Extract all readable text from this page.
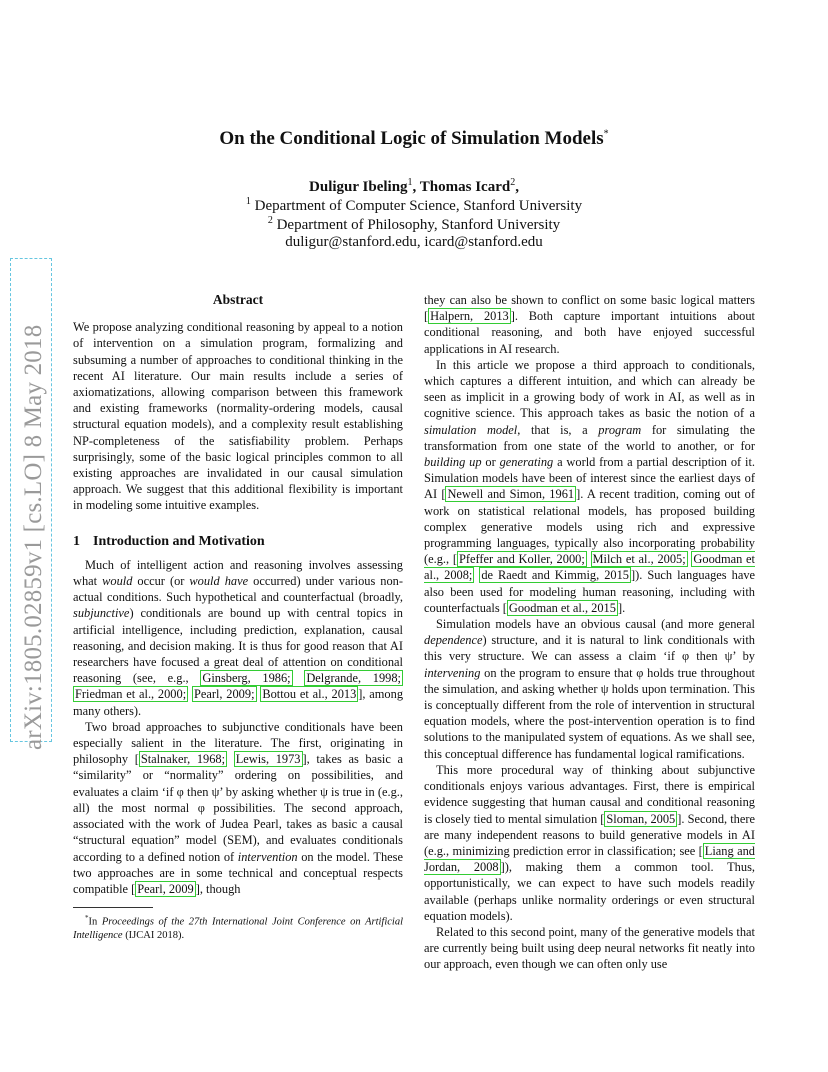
arXiv:1805.02859v1 [cs.LO] 8 May 2018
On the Conditional Logic of Simulation Models*
Duligur Ibeling$^1$, Thomas Icard$^2$,
$^1$ Department of Computer Science, Stanford University
$^2$ Department of Philosophy, Stanford University
duligur@stanford.edu, icard@stanford.edu
Abstract

We propose analyzing conditional reasoning by appeal to a notion of intervention on a simulation program, formalizing and subsuming a number of approaches to conditional thinking in the recent AI literature. Our main results include a series of axiomatizations, allowing comparison between this framework and existing frameworks (normality-ordering models, causal structural equation models), and a complexity result establishing NP-completeness of the satisfiability problem. Perhaps surprisingly, some of the basic logical principles common to all existing approaches are invalidated in our causal simulation approach. We suggest that this additional flexibility is important in modeling some intuitive examples.

1 Introduction and Motivation

Much of intelligent action and reasoning involves assessing what would occur (or would have occurred) under various non-actual conditions. Such hypothetical and counterfactual (broadly, subjunctive) conditionals are bound up with central topics in artificial intelligence, including prediction, explanation, causal reasoning, and decision making. It is thus for good reason that AI researchers have focused a great deal of attention on conditional reasoning (see, e.g., Ginsberg, 1986; Delgrande, 1998; Friedman et al., 2000; Pearl, 2009; Bottou et al., 2013 ], among many others).

Two broad approaches to subjunctive conditionals have been especially salient in the literature. The first, originating in philosophy [ Stalnaker, 1968; Lewis, 1973 ], takes as basic a “similarity” or “normality” ordering on possibilities, and evaluates a claim ‘if φ then ψ’ by asking whether ψ is true in (e.g., all) the most normal φ possibilities. The second approach, associated with the work of Judea Pearl, takes as basic a causal “structural equation” model (SEM), and evaluates conditionals according to a defined notion of intervention on the model. These two approaches are in some technical and conceptual respects compatible [ Pearl, 2009 ], though

*In Proceedings of the 27th International Joint Conference on Artificial Intelligence (IJCAI 2018).

they can also be shown to conflict on some basic logical matters [ Halpern, 2013 ]. Both capture important intuitions about conditional reasoning, and both have enjoyed successful applications in AI research.

In this article we propose a third approach to conditionals, which captures a different intuition, and which can already be seen as implicit in a growing body of work in AI, as well as in cognitive science. This approach takes as basic the notion of a simulation model, that is, a program for simulating the transformation from one state of the world to another, or for building up or generating a world from a partial description of it. Simulation models have been of interest since the earliest days of AI [ Newell and Simon, 1961 ]. A recent tradition, coming out of work on statistical relational models, has proposed building complex generative models using rich and expressive programming languages, typically also incorporating probability (e.g., [ Pfeffer and Koller, 2000; Milch et al., 2005; Goodman et al., 2008; de Raedt and Kimmig, 2015 ]). Such languages have also been used for modeling human reasoning, including with counterfactuals [ Goodman et al., 2015 ].

Simulation models have an obvious causal (and more general dependence) structure, and it is natural to link conditionals with this very structure. We can assess a claim ‘if φ then ψ’ by intervening on the program to ensure that φ holds true throughout the simulation, and asking whether ψ holds upon termination. This is conceptually different from the role of intervention in structural equation models, where the post-intervention operation is to find solutions to the manipulated system of equations. As we shall see, this conceptual difference has fundamental logical ramifications.

This more procedural way of thinking about subjunctive conditionals enjoys various advantages. First, there is empirical evidence suggesting that human causal and conditional reasoning is closely tied to mental simulation [ Sloman, 2005 ]. Second, there are many independent reasons to build generative models in AI (e.g., minimizing prediction error in classification; see [ Liang and Jordan, 2008 ]), making them a common tool. Thus, opportunistically, we can expect to have such models readily available (perhaps unlike normality orderings or even structural equation models).

Related to this second point, many of the generative models that are currently being built using deep neural networks fit neatly into our approach, even though we can often only use
